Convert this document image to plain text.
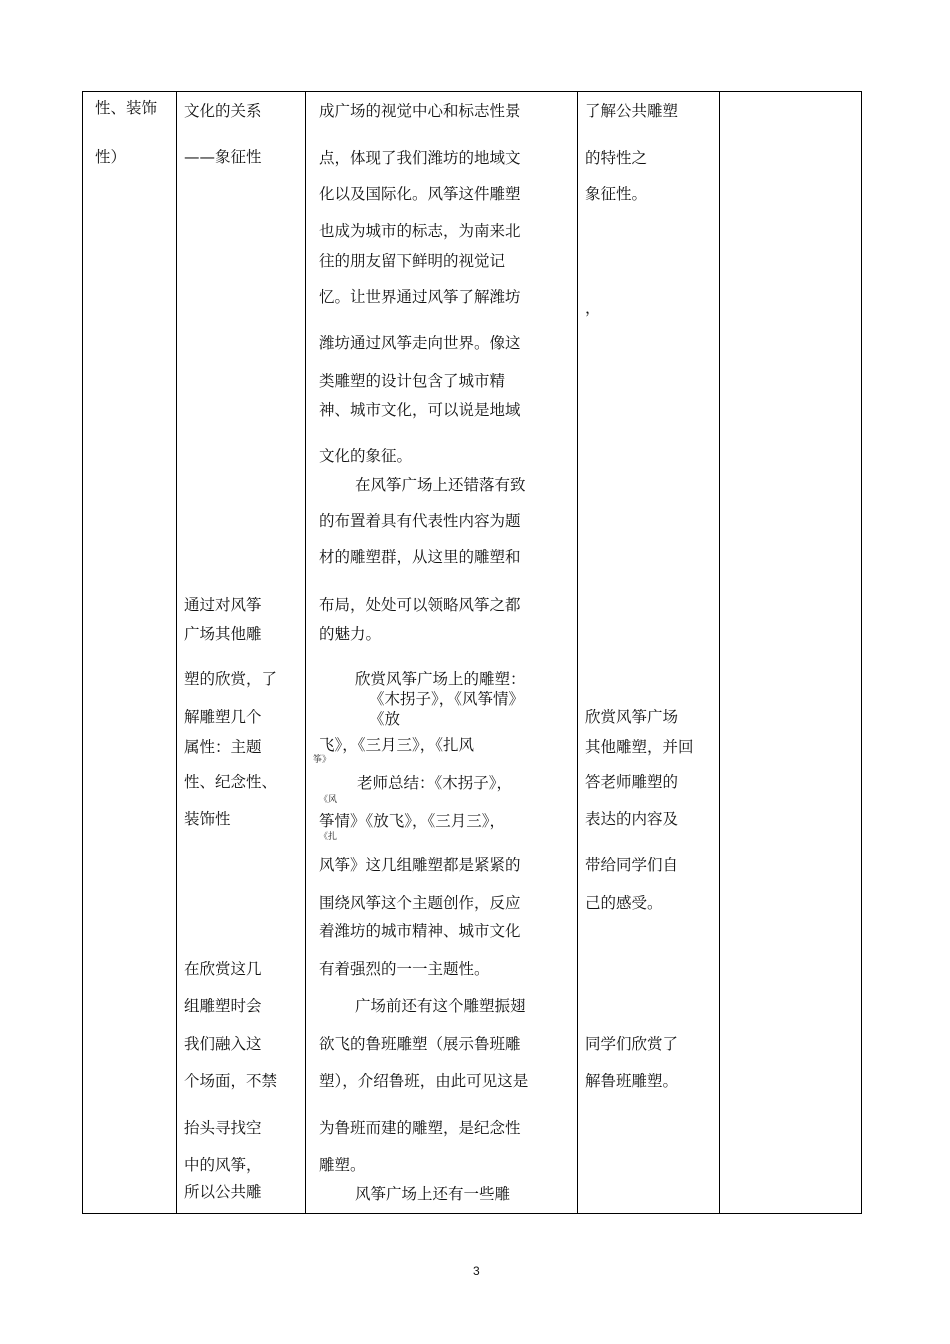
性、装饰
性）
文化的关系
——象征性
通过对风筝
广场其他雕
塑的欣赏，了
解雕塑几个
属性：主题
性、纪念性、
装饰性
在欣赏这几
组雕塑时会
我们融入这
个场面，不禁
抬头寻找空
中的风筝，
所以公共雕
成广场的视觉中心和标志性景
点，体现了我们潍坊的地域文
化以及国际化。风筝这件雕塑
也成为城市的标志，为南来北
往的朋友留下鲜明的视觉记
忆。让世界通过风筝了解潍坊
潍坊通过风筝走向世界。像这
类雕塑的设计包含了城市精
神、城市文化，可以说是地域
文化的象征。
在风筝广场上还错落有致
的布置着具有代表性内容为题
材的雕塑群，从这里的雕塑和
布局，处处可以领略风筝之都
的魅力。
欣赏风筝广场上的雕塑：
《木拐子》，《风筝情》
《放
飞》，《三月三》，《扎风
筝》
老师总结：《木拐子》，
《风
筝情》《放飞》，《三月三》，
《扎
风筝》这几组雕塑都是紧紧的
围绕风筝这个主题创作，反应
着潍坊的城市精神、城市文化
有着强烈的一一主题性。
广场前还有这个雕塑振翅
欲飞的鲁班雕塑（展示鲁班雕
塑），介绍鲁班，由此可见这是
为鲁班而建的雕塑，是纪念性
雕塑。
风筝广场上还有一些雕
了解公共雕塑
的特性之
象征性。
，
欣赏风筝广场
其他雕塑，并回
答老师雕塑的
表达的内容及
带给同学们自
己的感受。
同学们欣赏了
解鲁班雕塑。
3
